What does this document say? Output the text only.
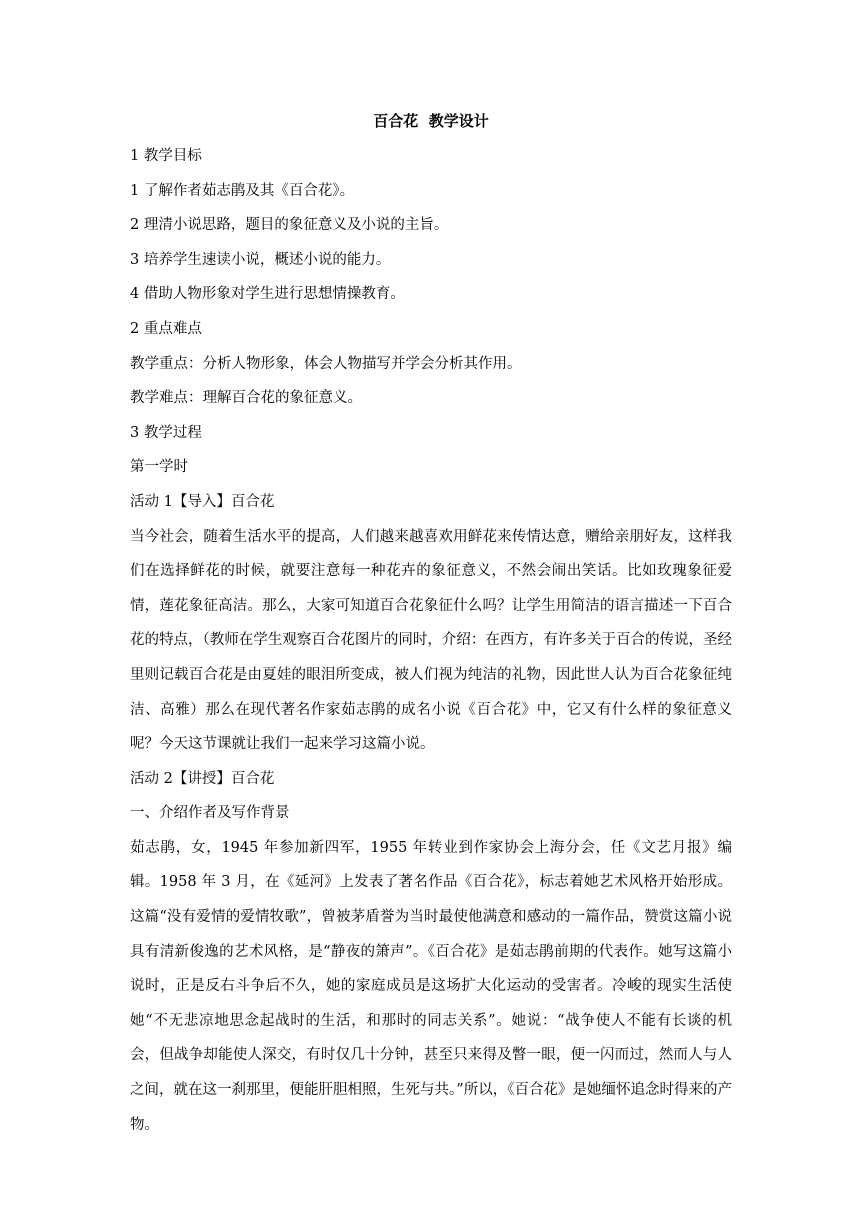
百合花  教学设计

1 教学目标

1 了解作者茹志鹃及其《百合花》。

2 理清小说思路，题目的象征意义及小说的主旨。

3 培养学生速读小说，概述小说的能力。

4 借助人物形象对学生进行思想情操教育。

2 重点难点

教学重点：分析人物形象，体会人物描写并学会分析其作用。

教学难点：理解百合花的象征意义。

3 教学过程

第一学时

活动 1【导入】百合花

当今社会，随着生活水平的提高，人们越来越喜欢用鲜花来传情达意，赠给亲朋好友，这样我们在选择鲜花的时候，就要注意每一种花卉的象征意义，不然会闹出笑话。比如玫瑰象征爱情，莲花象征高洁。那么，大家可知道百合花象征什么吗？让学生用简洁的语言描述一下百合花的特点，（教师在学生观察百合花图片的同时，介绍：在西方，有许多关于百合的传说，圣经里则记载百合花是由夏娃的眼泪所变成，被人们视为纯洁的礼物，因此世人认为百合花象征纯洁、高雅）那么在现代著名作家茹志鹃的成名小说《百合花》中，它又有什么样的象征意义呢？今天这节课就让我们一起来学习这篇小说。

活动 2【讲授】百合花

一、介绍作者及写作背景

茹志鹃，女，1945 年参加新四军，1955 年转业到作家协会上海分会，任《文艺月报》编辑。1958 年 3 月，在《延河》上发表了著名作品《百合花》，标志着她艺术风格开始形成。这篇“没有爱情的爱情牧歌”，曾被茅盾誉为当时最使他满意和感动的一篇作品，赞赏这篇小说具有清新俊逸的艺术风格，是“静夜的箫声”。《百合花》是茹志鹃前期的代表作。她写这篇小说时，正是反右斗争后不久，她的家庭成员是这场扩大化运动的受害者。冷峻的现实生活使她“不无悲凉地思念起战时的生活，和那时的同志关系”。她说：“战争使人不能有长谈的机会，但战争却能使人深交，有时仅几十分钟，甚至只来得及瞥一眼，便一闪而过，然而人与人之间，就在这一刹那里，便能肝胆相照，生死与共。”所以，《百合花》是她缅怀追念时得来的产物。
